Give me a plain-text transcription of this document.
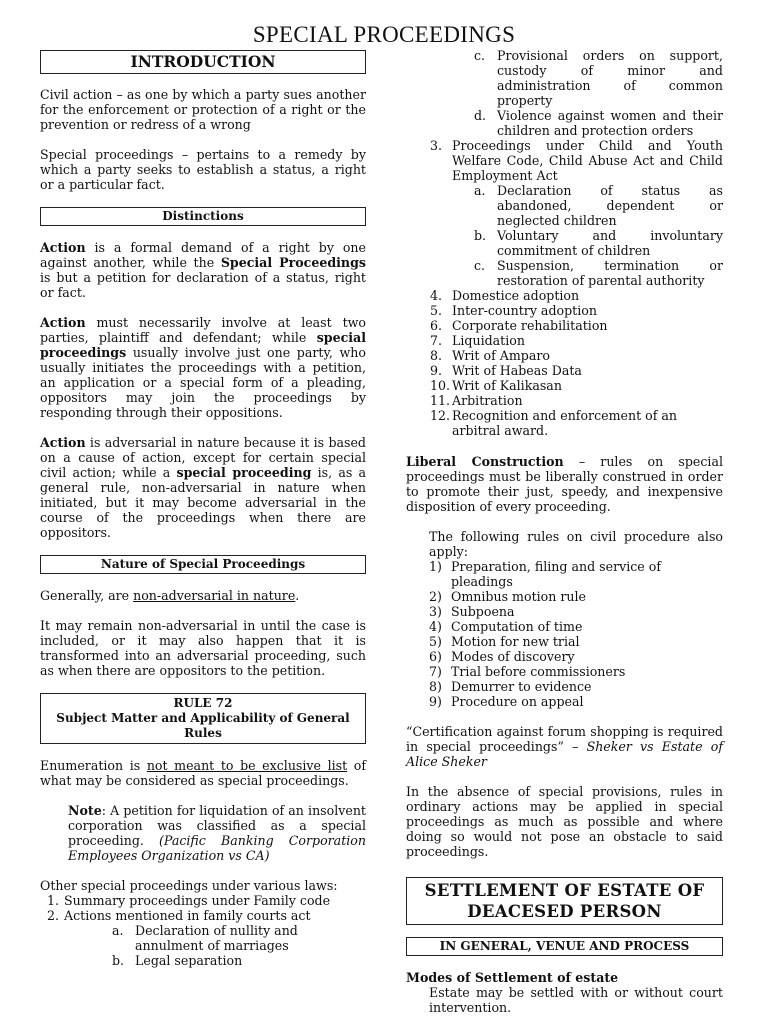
SPECIAL PROCEEDINGS
INTRODUCTION

Civil action – as one by which a party sues another for the enforcement or protection of a right or the prevention or redress of a wrong

Special proceedings – pertains to a remedy by which a party seeks to establish a status, a right or a particular fact.

Distinctions

Action is a formal demand of a right by one against another, while the Special Proceedings is but a petition for declaration of a status, right or fact.

Action must necessarily involve at least two parties, plaintiff and defendant; while special proceedings usually involve just one party, who usually initiates the proceedings with a petition, an application or a special form of a pleading, oppositors may join the proceedings by responding through their oppositions.

Action is adversarial in nature because it is based on a cause of action, except for certain special civil action; while a special proceeding is, as a general rule, non-adversarial in nature when initiated, but it may become adversarial in the course of the proceedings when there are oppositors.

Nature of Special Proceedings

Generally, are non-adversarial in nature.

It may remain non-adversarial in until the case is included, or it may also happen that it is transformed into an adversarial proceeding, such as when there are oppositors to the petition.

RULE 72
Subject Matter and Applicability of General Rules

Enumeration is not meant to be exclusive list of what may be considered as special proceedings.

Note: A petition for liquidation of an insolvent corporation was classified as a special proceeding. (Pacific Banking Corporation Employees Organization vs CA)
Other special proceedings under various laws:
1. Summary proceedings under Family code
2. Actions mentioned in family courts act
a. Declaration of nullity and annulment of marriages
b. Legal separation
c. Provisional orders on support, custody of minor and administration of common property
d. Violence against women and their children and protection orders
3. Proceedings under Child and Youth Welfare Code, Child Abuse Act and Child Employment Act
a. Declaration of status as abandoned, dependent or neglected children
b. Voluntary and involuntary commitment of children
c. Suspension, termination or restoration of parental authority
4. Domestice adoption
5. Inter-country adoption
6. Corporate rehabilitation
7. Liquidation
8. Writ of Amparo
9. Writ of Habeas Data
10. Writ of Kalikasan
11. Arbitration
12. Recognition and enforcement of an arbitral award.

Liberal Construction – rules on special proceedings must be liberally construed in order to promote their just, speedy, and inexpensive disposition of every proceeding.

The following rules on civil procedure also apply:
1) Preparation, filing and service of pleadings
2) Omnibus motion rule
3) Subpoena
4) Computation of time
5) Motion for new trial
6) Modes of discovery
7) Trial before commissioners
8) Demurrer to evidence
9) Procedure on appeal

“Certification against forum shopping is required in special proceedings” – Sheker vs Estate of Alice Sheker

In the absence of special provisions, rules in ordinary actions may be applied in special proceedings as much as possible and where doing so would not pose an obstacle to said proceedings.

SETTLEMENT OF ESTATE OF DEACESED PERSON
IN GENERAL, VENUE AND PROCESS
Modes of Settlement of estate
Estate may be settled with or without court intervention.
